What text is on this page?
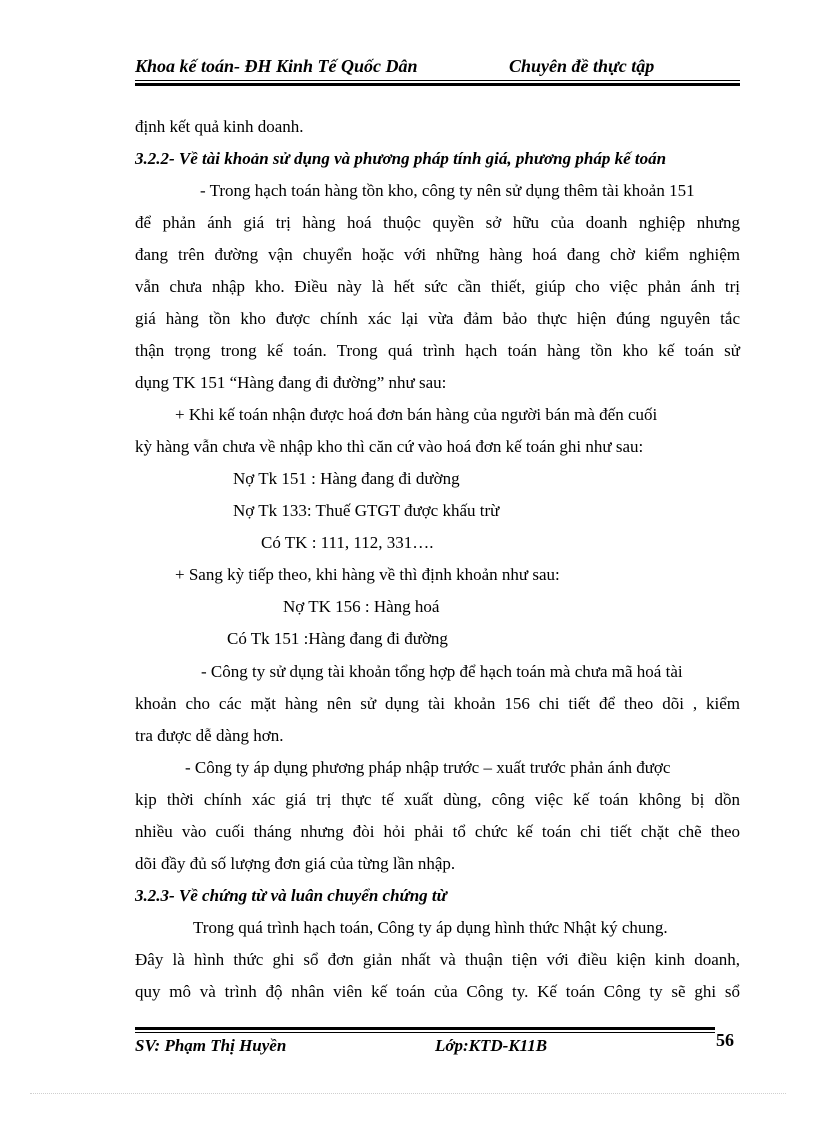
Khoa kế toán- ĐH Kinh Tế Quốc Dân	Chuyên đề thực tập
định kết quả kinh doanh.
3.2.2- Về tài khoản sử dụng và phương pháp tính giá, phương pháp kế toán
- Trong hạch toán hàng tồn kho, công ty nên sử dụng thêm tài khoản 151
để phản ánh giá trị hàng hoá thuộc quyền sở hữu của doanh nghiệp nhưng
đang trên đường vận chuyển hoặc với những hàng hoá đang chờ kiểm nghiệm
vẫn chưa nhập kho. Điều này là hết sức cần thiết, giúp cho việc phản ánh trị
giá hàng tồn kho được chính xác lại vừa đảm bảo thực hiện đúng nguyên tắc
thận trọng trong kế toán. Trong quá trình hạch toán hàng tồn kho kế toán sử
dụng TK 151 “Hàng đang đi đường” như sau:
+ Khi kế toán nhận được hoá đơn bán hàng của người bán mà đến cuối
kỳ hàng vẫn chưa về nhập kho thì căn cứ vào hoá đơn kế toán ghi như sau:
Nợ Tk 151 : Hàng đang đi dường
Nợ Tk 133: Thuế GTGT được khấu trừ
Có TK : 111, 112, 331….
+ Sang kỳ tiếp theo, khi hàng về thì định khoản như sau:
Nợ TK 156 : Hàng hoá
Có Tk 151 :Hàng đang đi đường
- Công ty sử dụng tài khoản tổng hợp để hạch toán mà chưa mã hoá tài
khoản cho các mặt hàng nên sử dụng tài khoản 156 chi tiết để theo dõi , kiểm
tra được dễ dàng hơn.
- Công ty áp dụng phương pháp nhập trước – xuất trước phản ánh được
kịp thời chính xác giá trị thực tế xuất dùng, công việc kế toán không bị dồn
nhiều vào cuối tháng nhưng đòi hỏi phải tổ chức kế toán chi tiết chặt chẽ theo
dõi đầy đủ số lượng đơn giá của từng lần nhập.
3.2.3- Về chứng từ và luân chuyển chứng từ
Trong quá trình hạch toán, Công ty áp dụng hình thức Nhật ký chung.
Đây là hình thức ghi sổ đơn giản nhất và thuận tiện với điều kiện kinh doanh,
quy mô và trình độ nhân viên kế toán của Công ty. Kế toán Công ty sẽ ghi sổ
SV: Phạm Thị Huyền	Lớp:KTD-K11B	56
